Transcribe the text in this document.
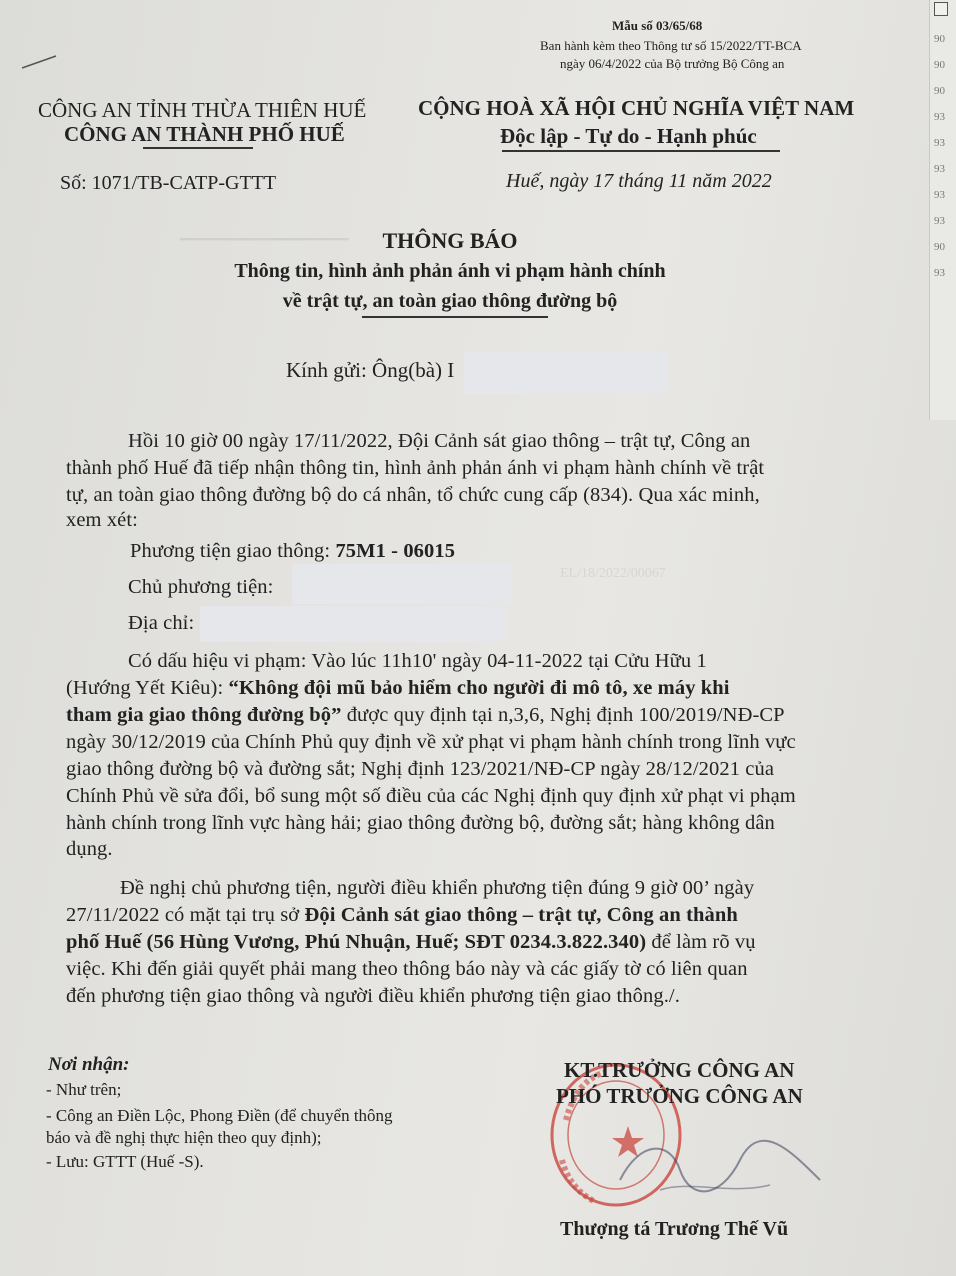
90
90
90
93
93
93
93
93
90
93
━━━━━━━━━━━━━━━━━━━━
EL/18/2022/00067
Mẫu số 03/65/68
Ban hành kèm theo Thông tư số 15/2022/TT-BCA
ngày 06/4/2022 của Bộ trưởng Bộ Công an
CÔNG AN TỈNH THỪA THIÊN HUẾ
CÔNG AN THÀNH PHỐ HUẾ
CỘNG HOÀ XÃ HỘI CHỦ NGHĨA VIỆT NAM
Độc lập - Tự do - Hạnh phúc
Số: 1071/TB-CATP-GTTT	Huế, ngày 17 tháng 11 năm 2022
THÔNG BÁO
Thông tin, hình ảnh phản ánh vi phạm hành chính
về trật tự, an toàn giao thông đường bộ
Kính gửi: Ông(bà) I
Hồi 10 giờ 00 ngày 17/11/2022, Đội Cảnh sát giao thông – trật tự, Công an
thành phố Huế đã tiếp nhận thông tin, hình ảnh phản ánh vi phạm hành chính về trật
tự, an toàn giao thông đường bộ do cá nhân, tổ chức cung cấp (834). Qua xác minh,
xem xét:
Phương tiện giao thông: 75M1 - 06015
Chủ phương tiện:
Địa chỉ:
Có dấu hiệu vi phạm: Vào lúc 11h10' ngày 04-11-2022 tại Cửu Hữu 1
(Hướng Yết Kiêu): “Không đội mũ bảo hiểm cho người đi mô tô, xe máy khi
tham gia giao thông đường bộ” được quy định tại n,3,6, Nghị định 100/2019/NĐ-CP
ngày 30/12/2019 của Chính Phủ quy định về xử phạt vi phạm hành chính trong lĩnh vực
giao thông đường bộ và đường sắt; Nghị định 123/2021/NĐ-CP ngày 28/12/2021 của
Chính Phủ về sửa đổi, bổ sung một số điều của các Nghị định quy định xử phạt vi phạm
hành chính trong lĩnh vực hàng hải; giao thông đường bộ, đường sắt; hàng không dân
dụng.
Đề nghị chủ phương tiện, người điều khiển phương tiện đúng 9 giờ 00’ ngày
27/11/2022 có mặt tại trụ sở Đội Cảnh sát giao thông – trật tự, Công an thành
phố Huế (56 Hùng Vương, Phú Nhuận, Huế; SĐT 0234.3.822.340) để làm rõ vụ
việc. Khi đến giải quyết phải mang theo thông báo này và các giấy tờ có liên quan
đến phương tiện giao thông và người điều khiển phương tiện giao thông./.
Nơi nhận:
- Như trên;
- Công an Điền Lộc, Phong Điền (để chuyển thông
báo và đề nghị thực hiện theo quy định);
- Lưu: GTTT (Huế -S).
KT.TRƯỞNG CÔNG AN
PHÓ TRƯỞNG CÔNG AN
Thượng tá Trương Thế Vũ
